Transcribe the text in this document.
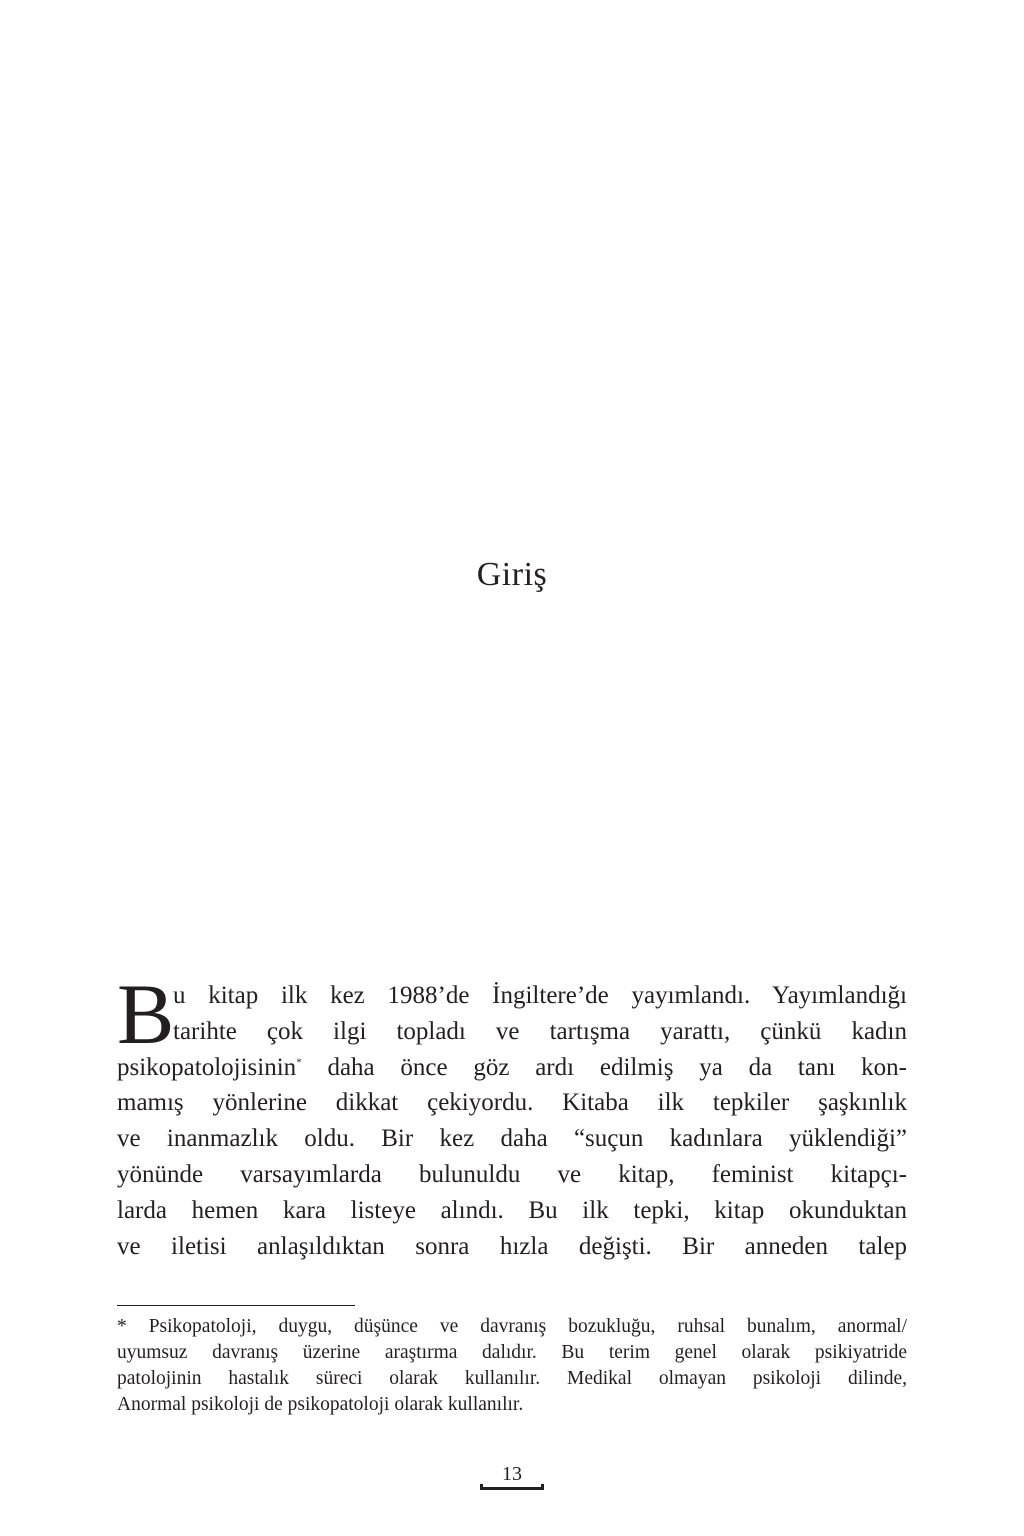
Giriş
B
u kitap ilk kez 1988’de İngiltere’de yayımlandı. Yayımlandığı
tarihte çok ilgi topladı ve tartışma yarattı, çünkü kadın
psikopatolojisinin* daha önce göz ardı edilmiş ya da tanı kon-
mamış yönlerine dikkat çekiyordu. Kitaba ilk tepkiler şaşkınlık
ve inanmazlık oldu. Bir kez daha “suçun kadınlara yüklendiği”
yönünde varsayımlarda bulunuldu ve kitap, feminist kitapçı-
larda hemen kara listeye alındı. Bu ilk tepki, kitap okunduktan
ve iletisi anlaşıldıktan sonra hızla değişti. Bir anneden talep
* Psikopatoloji, duygu, düşünce ve davranış bozukluğu, ruhsal bunalım, anormal/
uyumsuz davranış üzerine araştırma dalıdır. Bu terim genel olarak psikiyatride
patolojinin hastalık süreci olarak kullanılır. Medikal olmayan psikoloji dilinde,
Anormal psikoloji de psikopatoloji olarak kullanılır.
13
